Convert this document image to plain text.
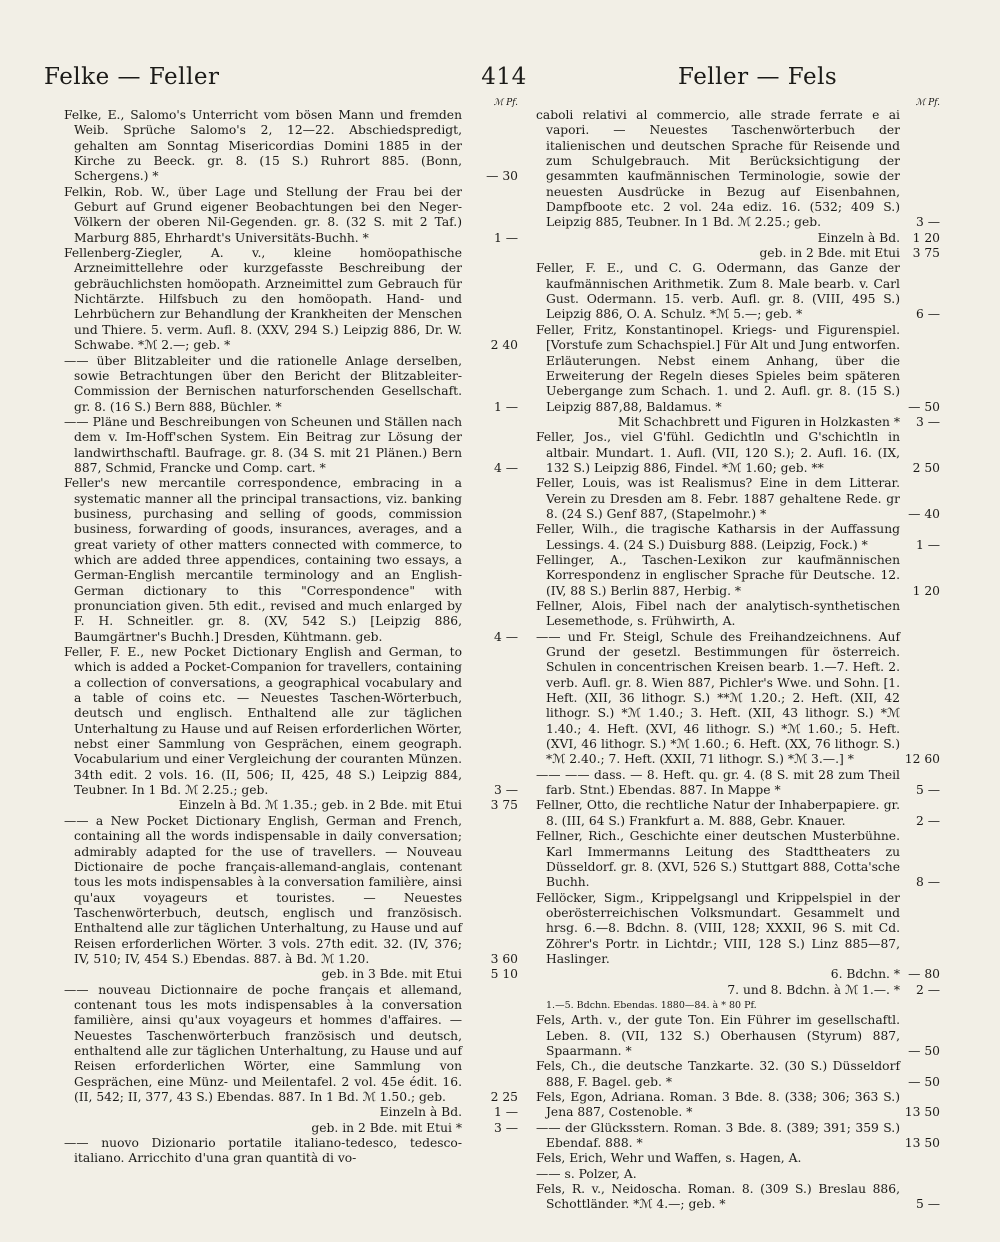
Felke — Feller	414	Feller — Fels
ℳ Pf.
Felke, E., Salomo's Unterricht vom bösen Mann und fremden Weib. Sprüche Salomo's 2, 12—22. Abschiedspredigt, gehalten am Sonntag Misericordias Domini 1885 in der Kirche zu Beeck. gr. 8. (15 S.) Ruhrort 885. (Bonn, Schergens.) *	— 30
Felkin, Rob. W., über Lage und Stellung der Frau bei der Geburt auf Grund eigener Beobachtungen bei den Neger-Völkern der oberen Nil-Gegenden. gr. 8. (32 S. mit 2 Taf.) Marburg 885, Ehrhardt's Universitäts-Buchh. *	1 —
Fellenberg-Ziegler, A. v., kleine homöopathische Arzneimittellehre oder kurzgefasste Beschreibung der gebräuchlichsten homöopath. Arzneimittel zum Gebrauch für Nichtärzte. Hilfsbuch zu den homöopath. Hand- und Lehrbüchern zur Behandlung der Krankheiten der Menschen und Thiere. 5. verm. Aufl. 8. (XXV, 294 S.) Leipzig 886, Dr. W. Schwabe. *ℳ 2.—; geb. *	2 40
—— über Blitzableiter und die rationelle Anlage derselben, sowie Betrachtungen über den Bericht der Blitzableiter-Commission der Bernischen naturforschenden Gesellschaft. gr. 8. (16 S.) Bern 888, Büchler. *	1 —
—— Pläne und Beschreibungen von Scheunen und Ställen nach dem v. Im-Hoff'schen System. Ein Beitrag zur Lösung der landwirthschaftl. Baufrage. gr. 8. (34 S. mit 21 Plänen.) Bern 887, Schmid, Francke und Comp. cart. *	4 —
Feller's new mercantile correspondence, embracing in a systematic manner all the principal transactions, viz. banking business, purchasing and selling of goods, commission business, forwarding of goods, insurances, averages, and a great variety of other matters connected with commerce, to which are added three appendices, containing two essays, a German-English mercantile terminology and an English-German dictionary to this "Correspondence" with pronunciation given. 5th edit., revised and much enlarged by F. H. Schneitler. gr. 8. (XV, 542 S.) [Leipzig 886, Baumgärtner's Buchh.] Dresden, Kühtmann. geb.	4 —
Feller, F. E., new Pocket Dictionary English and German, to which is added a Pocket-Companion for travellers, containing a collection of conversations, a geographical vocabulary and a table of coins etc. — Neuestes Taschen-Wörterbuch, deutsch und englisch. Enthaltend alle zur täglichen Unterhaltung zu Hause und auf Reisen erforderlichen Wörter, nebst einer Sammlung von Gesprächen, einem geograph. Vocabularium und einer Vergleichung der couranten Münzen. 34th edit. 2 vols. 16. (II, 506; II, 425, 48 S.) Leipzig 884, Teubner. In 1 Bd. ℳ 2.25.; geb.	3 —
Einzeln à Bd. ℳ 1.35.; geb. in 2 Bde. mit Etui 3 75
—— a New Pocket Dictionary English, German and French, containing all the words indispensable in daily conversation; admirably adapted for the use of travellers. — Nouveau Dictionaire de poche français-allemand-anglais, contenant tous les mots indispensables à la conversation familière, ainsi qu'aux voyageurs et touristes. — Neuestes Taschenwörterbuch, deutsch, englisch und französisch. Enthaltend alle zur täglichen Unterhaltung, zu Hause und auf Reisen erforderlichen Wörter. 3 vols. 27th edit. 32. (IV, 376; IV, 510; IV, 454 S.) Ebendas. 887. à Bd. ℳ 1.20.	3 60
geb. in 3 Bde. mit Etui 5 10
—— nouveau Dictionnaire de poche français et allemand, contenant tous les mots indispensables à la conversation familière, ainsi qu'aux voyageurs et hommes d'affaires. — Neuestes Taschenwörterbuch französisch und deutsch, enthaltend alle zur täglichen Unterhaltung, zu Hause und auf Reisen erforderlichen Wörter, eine Sammlung von Gesprächen, eine Münz- und Meilentafel. 2 vol. 45e édit. 16. (II, 542; II, 377, 43 S.) Ebendas. 887. In 1 Bd. ℳ 1.50.; geb.	2 25
Einzeln à Bd.	1 —
geb. in 2 Bde. mit Etui *	3 —
—— nuovo Dizionario portatile italiano-tedesco, tedesco-italiano. Arricchito d'una gran quantità di vo-
ℳ Pf.
caboli relativi al commercio, alle strade ferrate e ai vapori. — Neuestes Taschenwörterbuch der italienischen und deutschen Sprache für Reisende und zum Schulgebrauch. Mit Berücksichtigung der gesammten kaufmännischen Terminologie, sowie der neuesten Ausdrücke in Bezug auf Eisenbahnen, Dampfboote etc. 2 vol. 24a ediz. 16. (532; 409 S.) Leipzig 885, Teubner. In 1 Bd. ℳ 2.25.; geb.	3 —
Einzeln à Bd. 1 20
geb. in 2 Bde. mit Etui 3 75
Feller, F. E., und C. G. Odermann, das Ganze der kaufmännischen Arithmetik. Zum 8. Male bearb. v. Carl Gust. Odermann. 15. verb. Aufl. gr. 8. (VIII, 495 S.) Leipzig 886, O. A. Schulz. *ℳ 5.—; geb. *	6 —
Feller, Fritz, Konstantinopel. Kriegs- und Figurenspiel. [Vorstufe zum Schachspiel.] Für Alt und Jung entworfen. Erläuterungen. Nebst einem Anhang, über die Erweiterung der Regeln dieses Spieles beim späteren Uebergange zum Schach. 1. und 2. Aufl. gr. 8. (15 S.) Leipzig 887,88, Baldamus. *	— 50
Mit Schachbrett und Figuren in Holzkasten * 3 —
Feller, Jos., viel G'fühl. Gedichtln und G'schichtln in altbair. Mundart. 1. Aufl. (VII, 120 S.); 2. Aufl. 16. (IX, 132 S.) Leipzig 886, Findel. *ℳ 1.60; geb. **	2 50
Feller, Louis, was ist Realismus? Eine in dem Litterar. Verein zu Dresden am 8. Febr. 1887 gehaltene Rede. gr 8. (24 S.) Genf 887, (Stapelmohr.) *	— 40
Feller, Wilh., die tragische Katharsis in der Auffassung Lessings. 4. (24 S.) Duisburg 888. (Leipzig, Fock.) *	1 —
Fellinger, A., Taschen-Lexikon zur kaufmännischen Korrespondenz in englischer Sprache für Deutsche. 12. (IV, 88 S.) Berlin 887, Herbig. *	1 20
Fellner, Alois, Fibel nach der analytisch-synthetischen Lesemethode, s. Frühwirth, A.
—— und Fr. Steigl, Schule des Freihandzeichnens. Auf Grund der gesetzl. Bestimmungen für österreich. Schulen in concentrischen Kreisen bearb. 1.—7. Heft. 2. verb. Aufl. gr. 8. Wien 887, Pichler's Wwe. und Sohn. [1. Heft. (XII, 36 lithogr. S.) **ℳ 1.20.; 2. Heft. (XII, 42 lithogr. S.) *ℳ 1.40.; 3. Heft. (XII, 43 lithogr. S.) *ℳ 1.40.; 4. Heft. (XVI, 46 lithogr. S.) *ℳ 1.60.; 5. Heft. (XVI, 46 lithogr. S.) *ℳ 1.60.; 6. Heft. (XX, 76 lithogr. S.) *ℳ 2.40.; 7. Heft. (XXII, 71 lithogr. S.) *ℳ 3.—.] *	12 60
—— —— dass. — 8. Heft. qu. gr. 4. (8 S. mit 28 zum Theil farb. Stnt.) Ebendas. 887. In Mappe *	5 —
Fellner, Otto, die rechtliche Natur der Inhaberpapiere. gr. 8. (III, 64 S.) Frankfurt a. M. 888, Gebr. Knauer.	2 —
Fellner, Rich., Geschichte einer deutschen Musterbühne. Karl Immermanns Leitung des Stadttheaters zu Düsseldorf. gr. 8. (XVI, 526 S.) Stuttgart 888, Cotta'sche Buchh.	8 —
Fellöcker, Sigm., Krippelgsangl und Krippelspiel in der oberösterreichischen Volksmundart. Gesammelt und hrsg. 6.—8. Bdchn. 8. (VIII, 128; XXXII, 96 S. mit Cd. Zöhrer's Portr. in Lichtdr.; VIII, 128 S.) Linz 885—87, Haslinger.
6. Bdchn. * — 80
7. und 8. Bdchn. à ℳ 1.—. * 2 —
1.—5. Bdchn. Ebendas. 1880—84. à * 80 Pf.
Fels, Arth. v., der gute Ton. Ein Führer im gesellschaftl. Leben. 8. (VII, 132 S.) Oberhausen (Styrum) 887, Spaarmann. *	— 50
Fels, Ch., die deutsche Tanzkarte. 32. (30 S.) Düsseldorf 888, F. Bagel. geb. *	— 50
Fels, Egon, Adriana. Roman. 3 Bde. 8. (338; 306; 363 S.) Jena 887, Costenoble. *	13 50
—— der Glücksstern. Roman. 3 Bde. 8. (389; 391; 359 S.) Ebendaf. 888. *	13 50
Fels, Erich, Wehr und Waffen, s. Hagen, A.
—— s. Polzer, A.
Fels, R. v., Neidoscha. Roman. 8. (309 S.) Breslau 886, Schottländer. *ℳ 4.—; geb. *	5 —
